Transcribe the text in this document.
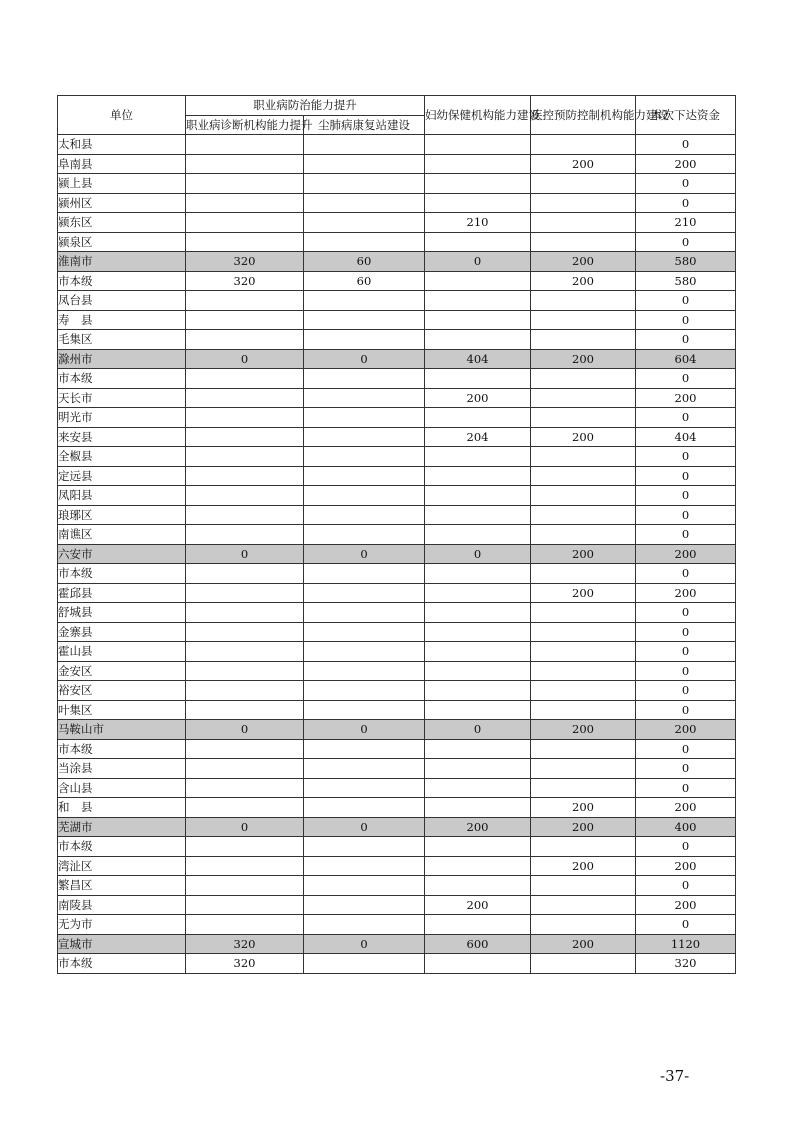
单位	职业病防治能力提升		妇幼保健机构能力建设	疾控预防控制机构能力建设	本次下达资金
	职业病诊断机构能力提升	尘肺病康复站建设			
太和县					0
阜南县				200	200
颍上县					0
颍州区					0
颍东区			210		210
颍泉区					0
淮南市	320	60	0	200	580
市本级	320	60		200	580
凤台县					0
寿　县					0
毛集区					0
滁州市	0	0	404	200	604
市本级					0
天长市			200		200
明光市					0
来安县			204	200	404
全椒县					0
定远县					0
凤阳县					0
琅琊区					0
南谯区					0
六安市	0	0	0	200	200
市本级					0
霍邱县				200	200
舒城县					0
金寨县					0
霍山县					0
金安区					0
裕安区					0
叶集区					0
马鞍山市	0	0	0	200	200
市本级					0
当涂县					0
含山县					0
和　县				200	200
芜湖市	0	0	200	200	400
市本级					0
湾沚区				200	200
繁昌区					0
南陵县			200		200
无为市					0
宣城市	320	0	600	200	1120
市本级	320				320
-37-
